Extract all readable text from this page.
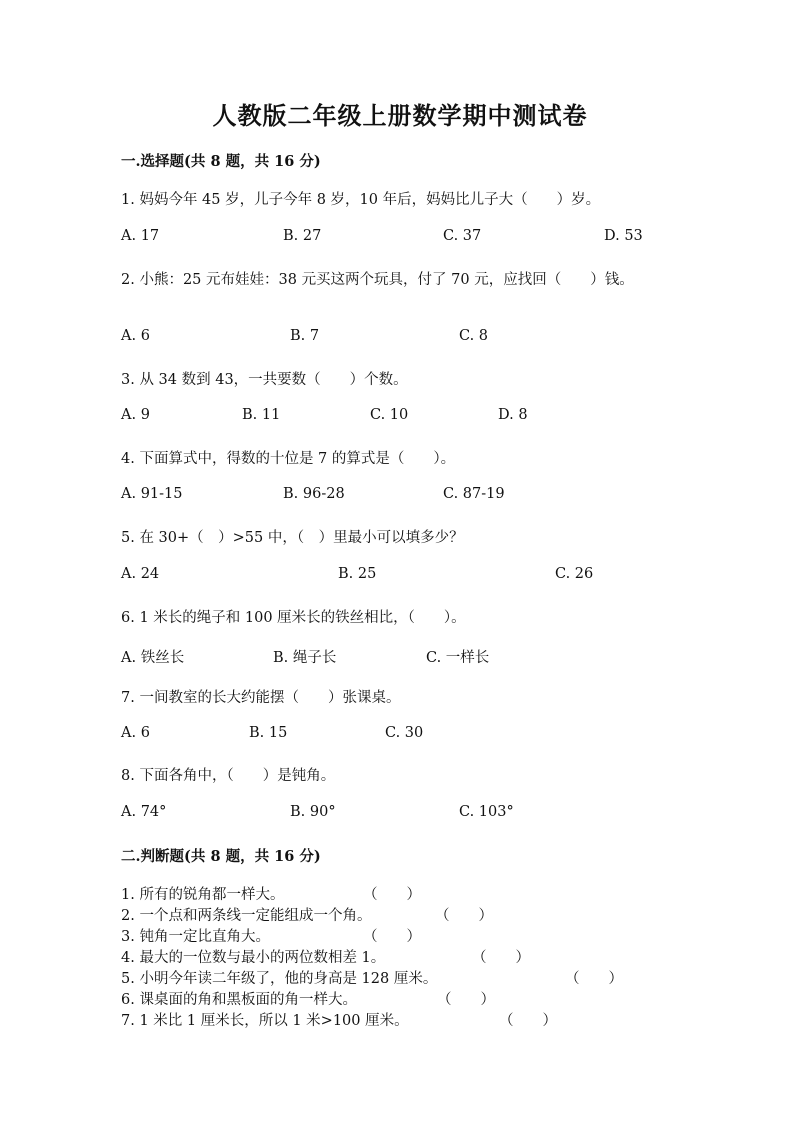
人教版二年级上册数学期中测试卷
一.选择题(共 8 题，共 16 分)
1. 妈妈今年 45 岁，儿子今年 8 岁，10 年后，妈妈比儿子大（　　）岁。
A. 17	B. 27	C. 37	D. 53
2. 小熊：25 元布娃娃：38 元买这两个玩具，付了 70 元，应找回（　　）钱。
A. 6	B. 7	C. 8
3. 从 34 数到 43，一共要数（　　）个数。
A. 9	B. 11	C. 10	D. 8
4. 下面算式中，得数的十位是 7 的算式是（　　）。
A. 91-15	B. 96-28	C. 87-19
5. 在 30+（　）>55 中，（　）里最小可以填多少？
A. 24	B. 25	C. 26
6. 1 米长的绳子和 100 厘米长的铁丝相比，（　　）。
A. 铁丝长	B. 绳子长	C. 一样长
7. 一间教室的长大约能摆（　　）张课桌。
A. 6	B. 15	C. 30
8. 下面各角中，（　　）是钝角。
A. 74°	B. 90°	C. 103°
二.判断题(共 8 题，共 16 分)
1. 所有的锐角都一样大。	（　　）
2. 一个点和两条线一定能组成一个角。	（　　）
3. 钝角一定比直角大。	（　　）
4. 最大的一位数与最小的两位数相差 1。	（　　）
5. 小明今年读二年级了，他的身高是 128 厘米。	（　　）
6. 课桌面的角和黑板面的角一样大。	（　　）
7. 1 米比 1 厘米长，所以 1 米>100 厘米。	（　　）
